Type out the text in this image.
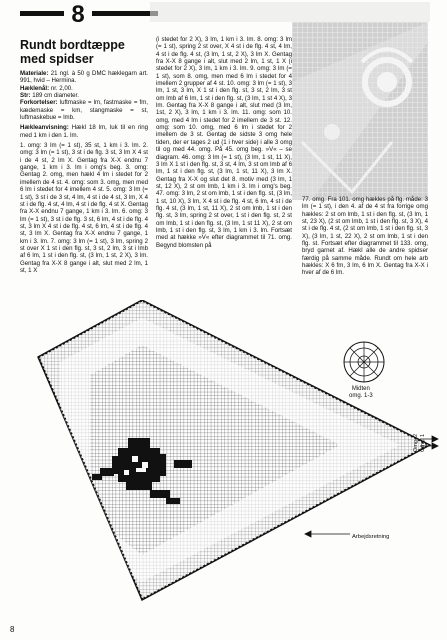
8
Rundt bordtæppe
med spidser

Materiale: 21 ngl. à 50 g DMC hæklegarn art. 991, hvid – Hermina.
Hæklenål: nr. 2,00.
Str: 189 cm diameter.
Forkortelser: luftmaske = lm, fastmaske = fm, kædemaske = km, stangmaske = st, luftmaskebue = lmb.

Hækleanvisning: Hækl 18 lm, luk til en ring med 1 km i den 1. lm.

1. omg: 3 lm (= 1 st), 35 st, 1 km i 3. lm. 2. omg: 3 lm (= 1 st), 3 st i de flg. 3 st, 3 lm X 4 st i de 4 st, 2 lm X. Gentag fra X-X endnu 7 gange, 1 km i 3. lm i omg's beg. 3. omg: Gentag 2. omg, men hækl 4 lm i stedet for 2 imellem de 4 st. 4. omg: som 3. omg, men med 6 lm i stedet for 4 imellem 4 st. 5. omg: 3 lm (= 1 st), 3 st i de 3 st, 4 lm, 4 st i de 4 st, 3 lm, X 4 st i de flg. 4 st, 4 lm, 4 st i de flg. 4 st X. Gentag fra X-X endnu 7 gange, 1 km i 3. lm. 6. omg: 3 lm (= 1 st), 3 st i de flg. 3 st, 6 lm, 4 st i de flg. 4 st, 3 lm X 4 st i de flg. 4 st, 6 lm, 4 st i de flg. 4 st, 3 lm X. Gentag fra X-X endnu 7 gange, 1 km i 3. lm. 7. omg: 3 lm (= 1 st), 3 lm, spring 2 st over X 1 st i den flg. st, 3 st, 2 lm, 3 st i lmb af 6 lm, 1 st i den flg. st, (3 lm, 1 st, 2 X), 3 lm. Gentag fra X-X 8 gange i alt, slut med 2 lm, 1 st, 1 X

(i stedet for 2 X), 3 lm, 1 km i 3. lm. 8. omg: 3 lm (= 1 st), spring 2 st over, X 4 st i de flg. 4 st, 4 lm, 4 st i de flg. 4 st, (3 lm, 1 st, 2 X), 3 lm X. Gentag fra X-X 8 gange i alt, slut med 2 lm, 1 st, 1 X (i stedet for 2 X), 3 lm, 1 km i 3. lm. 9. omg: 3 lm (= 1 st), som 8. omg, men med 6 lm i stedet for 4 imellem 2 grupper af 4 st. 10. omg: 3 lm (= 1 st), 3 lm, 1 st, 3 lm, X 1 st i den flg. st, 3 st, 2 lm, 3 st om lmb af 6 lm, 1 st i den flg. st, (3 lm, 1 st 4 X), 3 lm. Gentag fra X-X 8 gange i alt, slut med (3 lm, 1st, 2 X), 3 lm, 1 km i 3. lm. 11. omg: som 10. omg, med 4 lm i stedet for 2 imellem de 3 st. 12. omg: som 10. omg, med 6 lm i stedet for 2 imellem de 3 st. Gentag de sidste 3 omg hele tiden, der er tages 2 ud (1 i hver side) i alle 3 omg til og med 44. omg. På 45. omg beg. »V« – se diagram. 46. omg: 3 lm (= 1 st), (3 lm, 1 st, 11 X), 3 lm X 1 st i den flg. st, 3 st, 4 lm, 3 st om lmb af 6 lm, 1 st i den flg. st, (3 lm, 1 st, 11 X), 3 lm X. Gentag fra X-X og slut det 8. motiv med (3 lm, 1 st, 12 X), 2 st om lmb, 1 km i 3. lm i omg's beg. 47. omg: 3 lm, 2 st om lmb, 1 st i den flg. st, (3 lm, 1 st, 10 X), 3 lm, X 4 st i de flg. 4 st, 6 lm, 4 st i de flg. 4 st, (3 lm, 1 st, 11 X), 2 st om lmb, 1 st i den flg. st, 3 lm, spring 2 st over, 1 st i den flg. st, 2 st om lmb, 1 st i den flg. st, (3 lm, 1 st 11 X), 2 st om lmb, 1 st i den flg. st, 3 lm, 1 km i 3. lm. Fortsæt med at hække »V« efter diagrammet til 71. omg. Begynd blomsten på

77. omg. Fra 101. omg hækles på flg. måde: 3 lm (= 1 st), i den 4. af de 4 st fra forrige omg hækles: 2 st om lmb, 1 st i den flg. st, (3 lm, 1 st, 23 X), (2 st om lmb, 1 st i den flg. st, 3 X), 4 st i de flg. 4 st, (2 st om lmb, 1 st i den flg. st, 3 X), (3 lm, 1 st, 22 X), 2 st om lmb, 1 st i den flg. st. Fortsæt efter diagrammet til 133. omg, bryd garnet af. Hækl alle de andre spidser færdig på samme måde. Rundt om hele arb hækles: X 6 fm, 3 lm, 6 lm X. Gentag fra X-X i hver af de 6 lm.

Midten
omg. 1-3
Omg. 2 Omg. 1
Arbejdsretning
8
